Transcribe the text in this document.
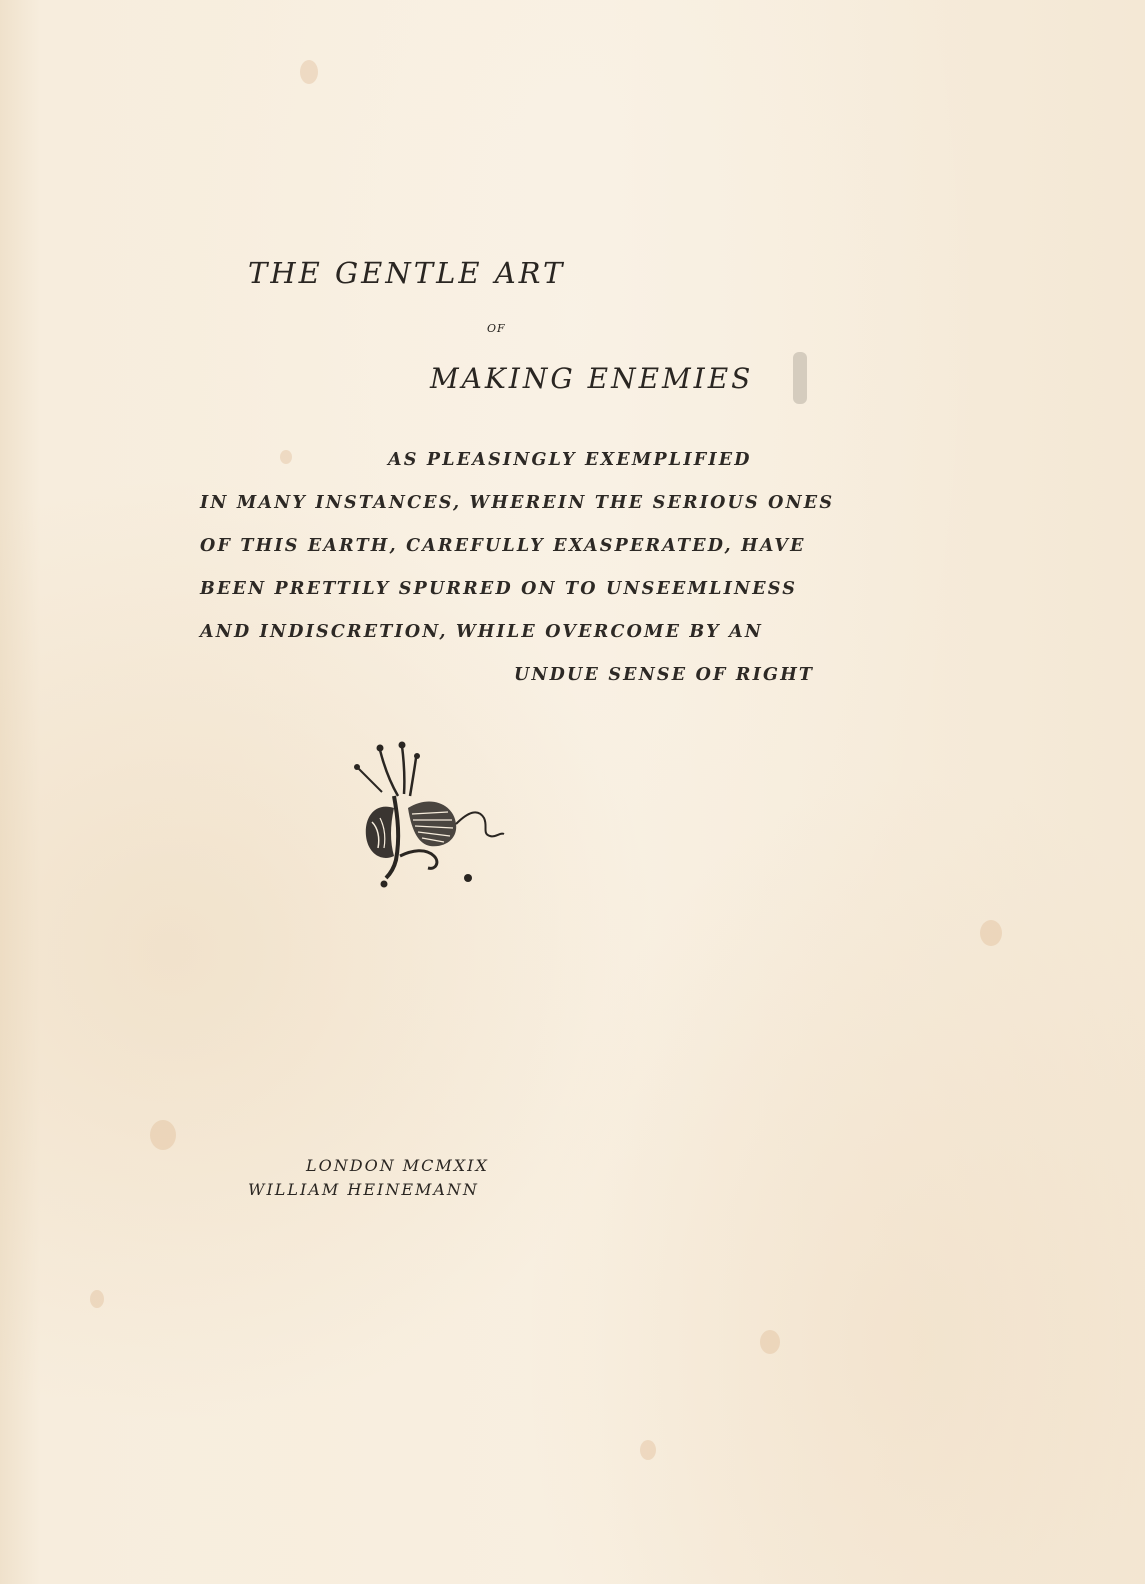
THE GENTLE ART
OF
MAKING ENEMIES
AS PLEASINGLY EXEMPLIFIED
IN MANY INSTANCES, WHEREIN THE SERIOUS ONES
OF THIS EARTH, CAREFULLY EXASPERATED, HAVE
BEEN PRETTILY SPURRED ON TO UNSEEMLINESS
AND INDISCRETION, WHILE OVERCOME BY AN
UNDUE SENSE OF RIGHT
LONDON MCMXIX
WILLIAM HEINEMANN
